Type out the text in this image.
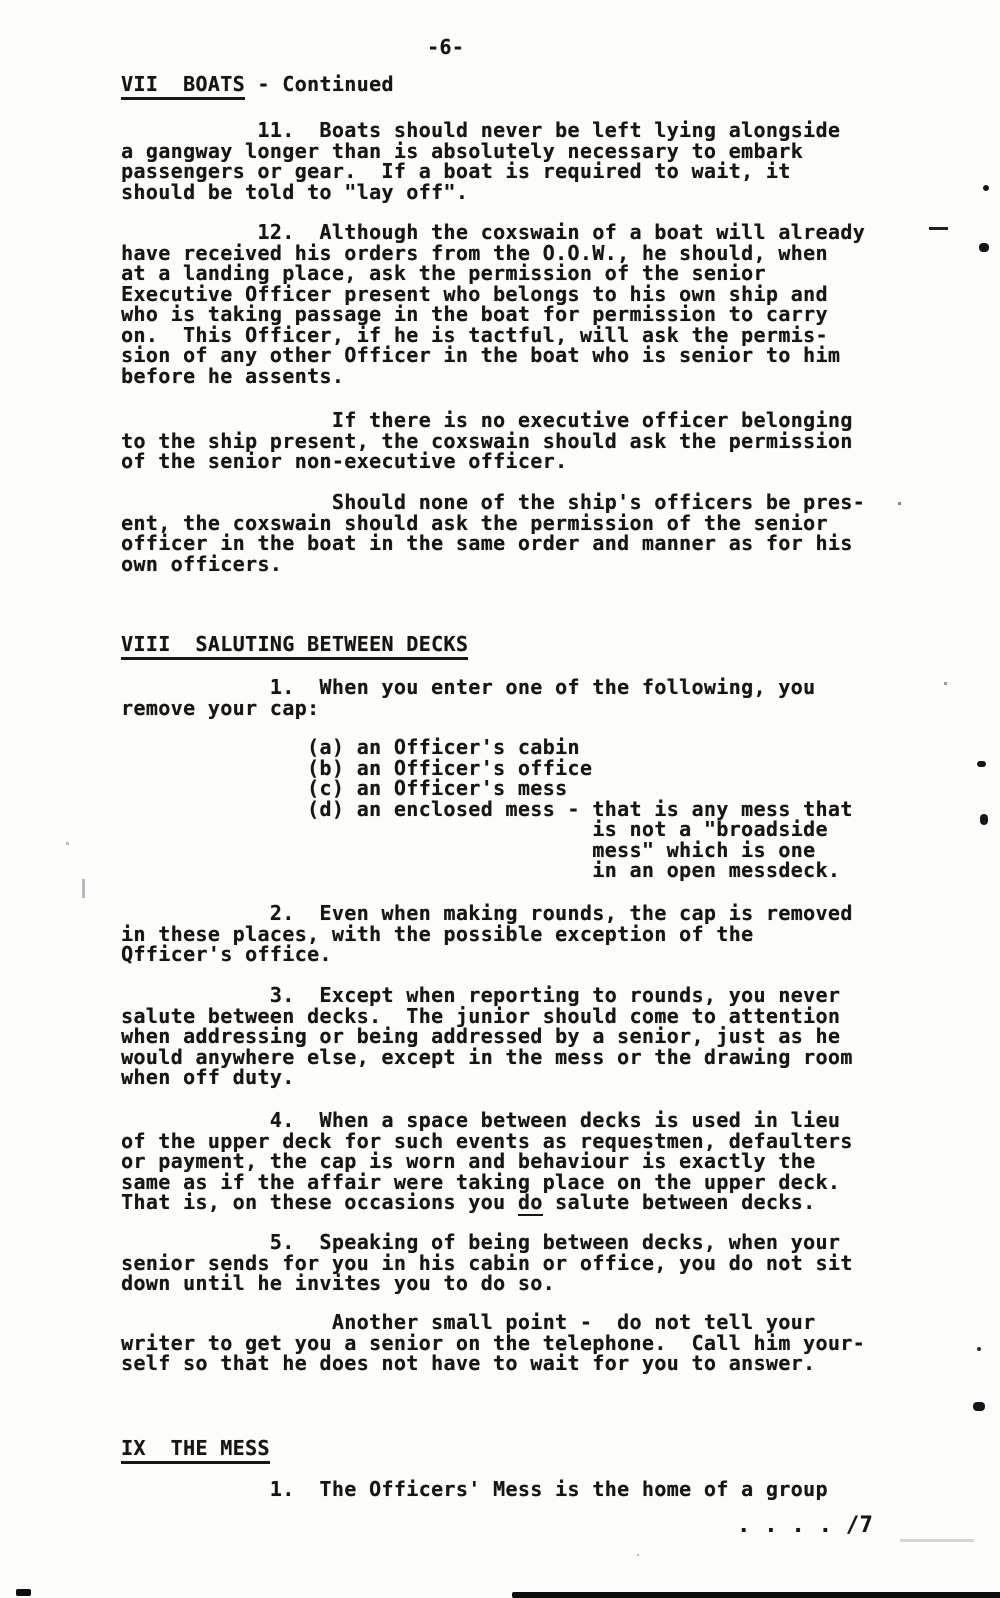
-6-
VII  BOATS - Continued
11.  Boats should never be left lying alongside
a gangway longer than is absolutely necessary to embark
passengers or gear.  If a boat is required to wait, it
should be told to "lay off".
12.  Although the coxswain of a boat will already
have received his orders from the O.O.W., he should, when
at a landing place, ask the permission of the senior
Executive Officer present who belongs to his own ship and
who is taking passage in the boat for permission to carry
on.  This Officer, if he is tactful, will ask the permis-
sion of any other Officer in the boat who is senior to him
before he assents.
If there is no executive officer belonging
to the ship present, the coxswain should ask the permission
of the senior non-executive officer.
Should none of the ship's officers be pres-
ent, the coxswain should ask the permission of the senior
officer in the boat in the same order and manner as for his
own officers.
VIII  SALUTING BETWEEN DECKS
1.  When you enter one of the following, you
remove your cap:
(a) an Officer's cabin
(b) an Officer's office
(c) an Officer's mess
(d) an enclosed mess - that is any mess that
is not a "broadside
mess" which is one
in an open messdeck.
2.  Even when making rounds, the cap is removed
in these places, with the possible exception of the
Qfficer's office.
3.  Except when reporting to rounds, you never
salute between decks.  The junior should come to attention
when addressing or being addressed by a senior, just as he
would anywhere else, except in the mess or the drawing room
when off duty.
4.  When a space between decks is used in lieu
of the upper deck for such events as requestmen, defaulters
or payment, the cap is worn and behaviour is exactly the
same as if the affair were taking place on the upper deck.
That is, on these occasions you do salute between decks.
5.  Speaking of being between decks, when your
senior sends for you in his cabin or office, you do not sit
down until he invites you to do so.

Another small point -  do not tell your
writer to get you a senior on the telephone.  Call him your-
self so that he does not have to wait for you to answer.
IX  THE MESS
1.  The Officers' Mess is the home of a group
. . . . /7
